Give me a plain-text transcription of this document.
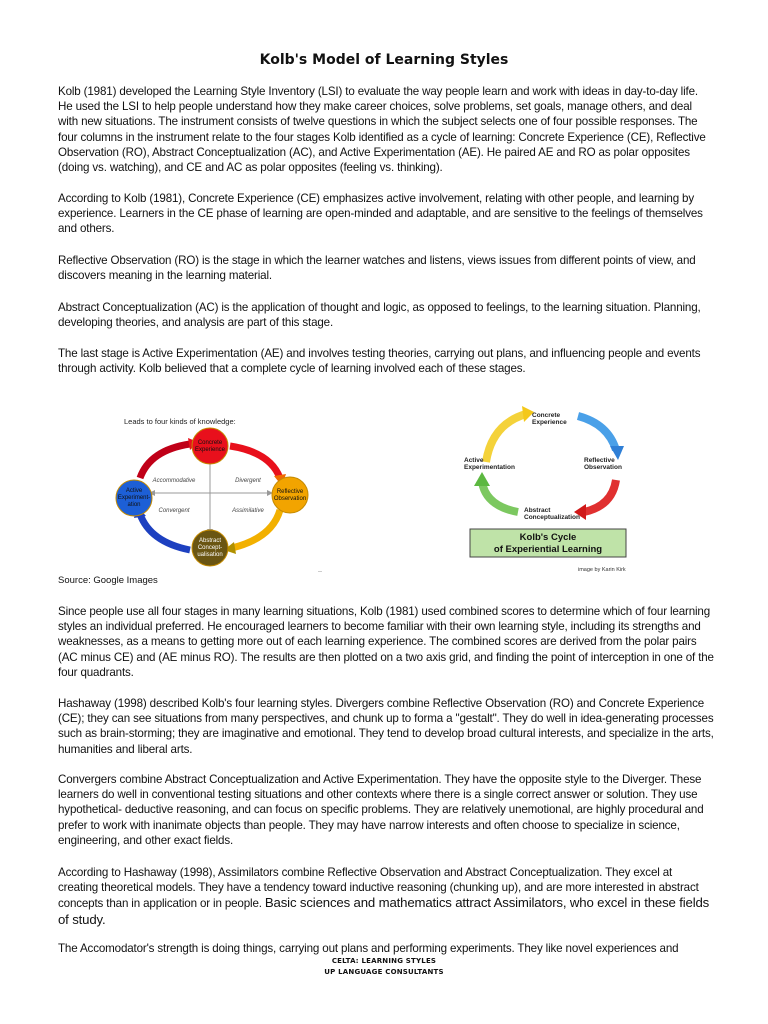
Kolb's Model of Learning Styles

Kolb (1981) developed the Learning Style Inventory (LSI) to evaluate the way people learn and work with ideas in day-to-day life. He used the LSI to help people understand how they make career choices, solve problems, set goals, manage others, and deal with new situations. The instrument consists of twelve questions in which the subject selects one of four possible responses. The four columns in the instrument relate to the four stages Kolb identified as a cycle of learning: Concrete Experience (CE), Reflective Observation (RO), Abstract Conceptualization (AC), and Active Experimentation (AE). He paired AE and RO as polar opposites (doing vs. watching), and CE and AC as polar opposites (feeling vs. thinking).

According to Kolb (1981), Concrete Experience (CE) emphasizes active involvement, relating with other people, and learning by experience. Learners in the CE phase of learning are open-minded and adaptable, and are sensitive to the feelings of themselves and others.

Reflective Observation (RO) is the stage in which the learner watches and listens, views issues from different points of view, and discovers meaning in the learning material.

Abstract Conceptualization (AC) is the application of thought and logic, as opposed to feelings, to the learning situation. Planning, developing theories, and analysis are part of this stage.

The last stage is Active Experimentation (AE) and involves testing theories, carrying out plans, and influencing people and events through activity. Kolb believed that a complete cycle of learning involved each of these stages.

Leads to four kinds of knowledge:
Accommodative	Divergent
Convergent	Assimilative
Concrete
Experience
Reflective
Observation
Abstract
Concept-
ualisation
Active
Experiment-
ation
—
Concrete
Experience
Reflective
Observation
Abstract
Conceptualization
Active
Experimentation
Kolb's Cycle
of Experiential Learning
image by Karin Kirk
Source: Google Images

Since people use all four stages in many learning situations, Kolb (1981) used combined scores to determine which of four learning styles an individual preferred. He encouraged learners to become familiar with their own learning style, including its strengths and weaknesses, as a means to getting more out of each learning experience. The combined scores are derived from the polar pairs (AC minus CE) and (AE minus RO). The results are then plotted on a two axis grid, and finding the point of interception in one of the four quadrants.

Hashaway (1998) described Kolb's four learning styles. Divergers combine Reflective Observation (RO) and Concrete Experience (CE); they can see situations from many perspectives, and chunk up to forma a "gestalt". They do well in idea-generating processes such as brain-storming; they are imaginative and emotional. They tend to develop broad cultural interests, and specialize in the arts, humanities and liberal arts.

Convergers combine Abstract Conceptualization and Active Experimentation. They have the opposite style to the Diverger. These learners do well in conventional testing situations and other contexts where there is a single correct answer or solution. They use hypothetical- deductive reasoning, and can focus on specific problems. They are relatively unemotional, are highly procedural and prefer to work with inanimate objects than people. They may have narrow interests and often choose to specialize in science, engineering, and other exact fields.

According to Hashaway (1998), Assimilators combine Reflective Observation and Abstract Conceptualization. They excel at creating theoretical models. They have a tendency toward inductive reasoning (chunking up), and are more interested in abstract concepts than in application or in people. Basic sciences and mathematics attract Assimilators, who excel in these fields of study.

The Accomodator's strength is doing things, carrying out plans and performing experiments. They like novel experiences and

CELTA: LEARNING STYLES
UP LANGUAGE CONSULTANTS
